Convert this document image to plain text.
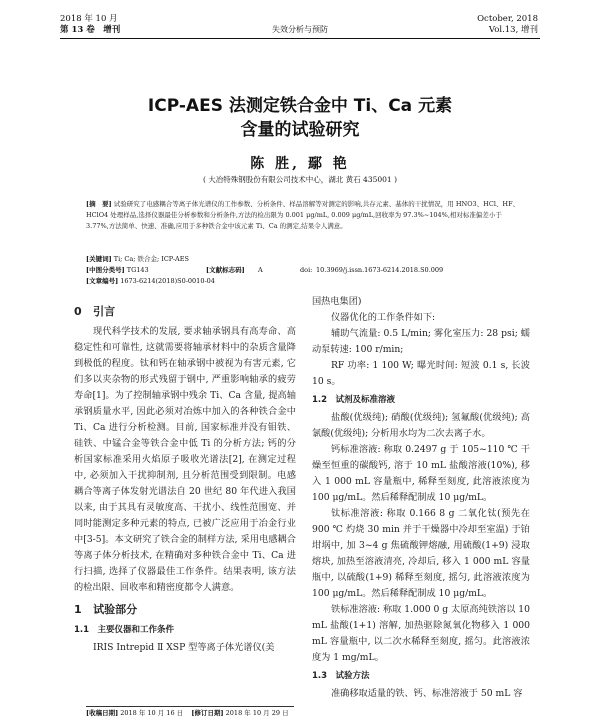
2018 年 10 月
第 13 卷　增刊	失效分析与预防
October, 2018
Vol.13, 增刊
ICP-AES 法测定铁合金中 Ti、Ca 元素
含量的试验研究
陈 胜, 鄢 艳
( 大冶特殊钢股份有限公司技术中心，湖北 黄石 435001 )
[摘　要] 试验研究了电感耦合等离子体光谱仪的工作参数、分析条件、样品溶解等对测定的影响,共存元素、基体的干扰情况，用 HNO3、HCl、HF、HClO4 处理样品,选择仪器最佳分析参数和分析条件,方法的检出限为 0.001 μg/mL, 0.009 μg/mL,回收率为 97.3%~104%,相对标准偏差小于 3.77%,方法简单、快速、准确,应用于多种铁合金中该元素 Ti、Ca 的测定,结果令人满意。
[关键词] Ti; Ca; 铁合金; ICP-AES
[中图分类号] TG143	[文献标志码] A	doi: 10.3969/j.issn.1673-6214.2018.S0.009
[文章编号] 1673-6214(2018)S0-0010-04
0 引言

现代科学技术的发展, 要求轴承钢具有高寿命、高稳定性和可靠性, 这就需要将轴承材料中的杂质含量降到极低的程度。钛和钙在轴承钢中被视为有害元素, 它们多以夹杂物的形式残留于钢中, 严重影响轴承的疲劳寿命[1]。为了控制轴承钢中残余 Ti、Ca 含量, 提高轴承钢质量水平, 因此必须对冶炼中加入的各种铁合金中 Ti、Ca 进行分析检测。目前, 国家标准并没有钼铁、硅铁、中锰合金等铁合金中低 Ti 的分析方法; 钙的分析国家标准采用火焰原子吸收光谱法[2], 在测定过程中, 必须加入干扰抑制剂, 且分析范围受到限制。电感耦合等离子体发射光谱法自 20 世纪 80 年代进入我国以来, 由于其具有灵敏度高、干扰小、线性范围宽、并同时能测定多种元素的特点, 已被广泛应用于冶金行业中[3-5]。本文研究了铁合金的制样方法, 采用电感耦合等离子体分析技术, 在精确对多种铁合金中 Ti、Ca 进行扫描, 选择了仪器最佳工作条件。结果表明, 该方法的检出限、回收率和精密度都令人满意。

1 试验部分
1.1　主要仪器和工作条件

IRIS Intrepid Ⅱ XSP 型等离子体光谱仪(美

国热电集团)

仪器优化的工作条件如下:

辅助气流量: 0.5 L/min; 雾化室压力: 28 psi; 蠕动泵转速: 100 r/min;

RF 功率: 1 100 W; 曝光时间: 短波 0.1 s, 长波 10 s。

1.2　试剂及标准溶液

盐酸(优级纯); 硝酸(优级纯); 氢氟酸(优级纯); 高氯酸(优级纯); 分析用水均为二次去离子水。

钙标准溶液: 称取 0.2497 g 于 105~110 ℃ 干燥至恒重的碳酸钙, 溶于 10 mL 盐酸溶液(10%), 移入 1 000 mL 容量瓶中, 稀释至刻度, 此溶液浓度为 100 μg/mL。然后稀释配制成 10 μg/mL。

钛标准溶液: 称取 0.166 8 g 二氧化钛(预先在 900 ℃ 灼烧 30 min 并于干燥器中冷却至室温) 于铂坩埚中, 加 3~4 g 焦硫酸钾熔融, 用硫酸(1+9) 浸取熔块, 加热至溶液清亮, 冷却后, 移入 1 000 mL 容量瓶中, 以硫酸(1+9) 稀释至刻度, 摇匀, 此溶液浓度为 100 μg/mL。然后稀释配制成 10 μg/mL。

铁标准溶液: 称取 1.000 0 g 太原高纯铁溶以 10 mL 盐酸(1+1) 溶解, 加热驱除氮氧化物移入 1 000 mL 容量瓶中, 以二次水稀释至刻度, 摇匀。此溶液浓度为 1 mg/mL。

1.3　试验方法

准确移取适量的铁、钙、标准溶液于 50 mL 容

[收稿日期] 2018 年 10 月 16 日 [修订日期] 2018 年 10 月 29 日
